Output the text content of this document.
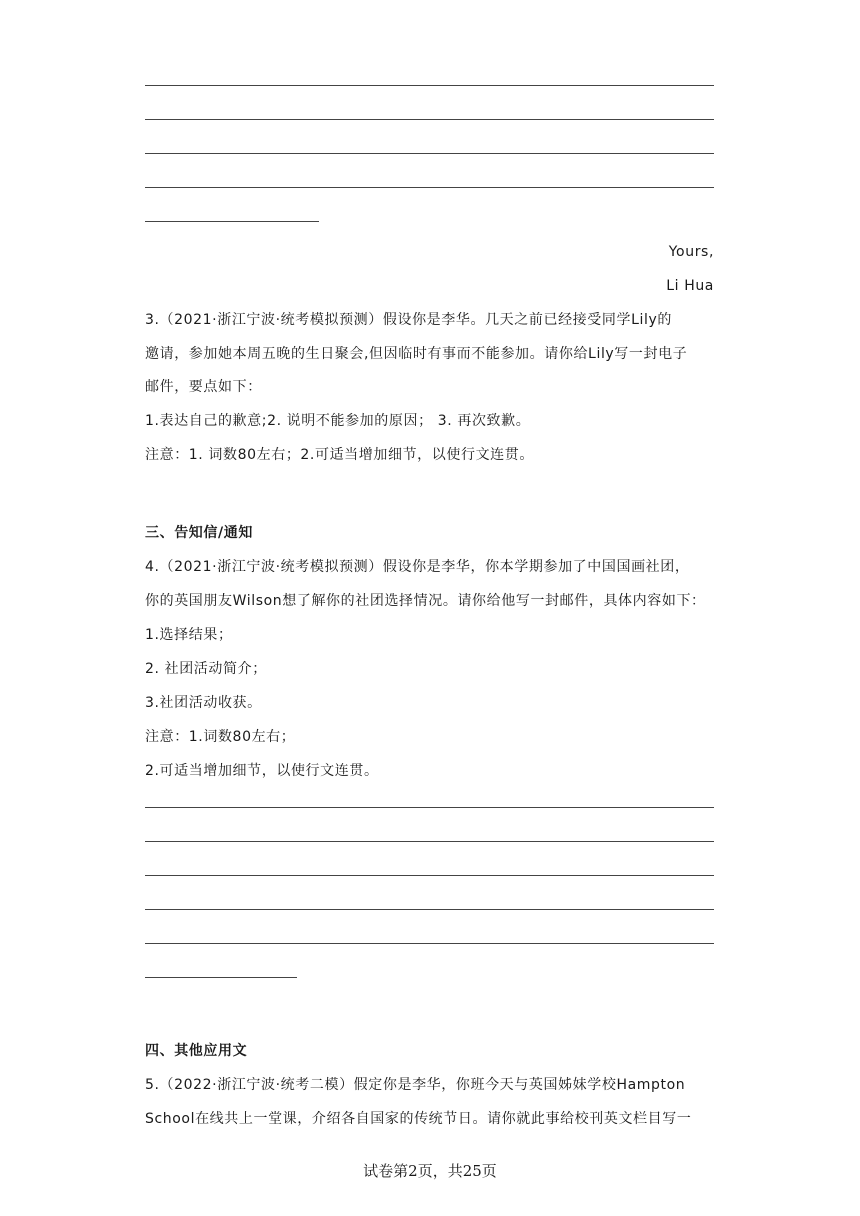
Yours,
Li Hua
3.（2021·浙江宁波·统考模拟预测）假设你是李华。几天之前已经接受同学Lily的
邀请，参加她本周五晚的生日聚会,但因临时有事而不能参加。请你给Lily写一封电子
邮件，要点如下：
1.表达自己的歉意;2. 说明不能参加的原因； 3. 再次致歉。
注意：1. 词数80左右；2.可适当增加细节，以使行文连贯。
三、告知信/通知
4.（2021·浙江宁波·统考模拟预测）假设你是李华，你本学期参加了中国国画社团，
你的英国朋友Wilson想了解你的社团选择情况。请你给他写一封邮件，具体内容如下：
1.选择结果；
2. 社团活动简介；
3.社团活动收获。
注意：1.词数80左右；
2.可适当增加细节，以使行文连贯。
四、其他应用文
5.（2022·浙江宁波·统考二模）假定你是李华，你班今天与英国姊妹学校Hampton
School在线共上一堂课，介绍各自国家的传统节日。请你就此事给校刊英文栏目写一
试卷第2页，共25页
